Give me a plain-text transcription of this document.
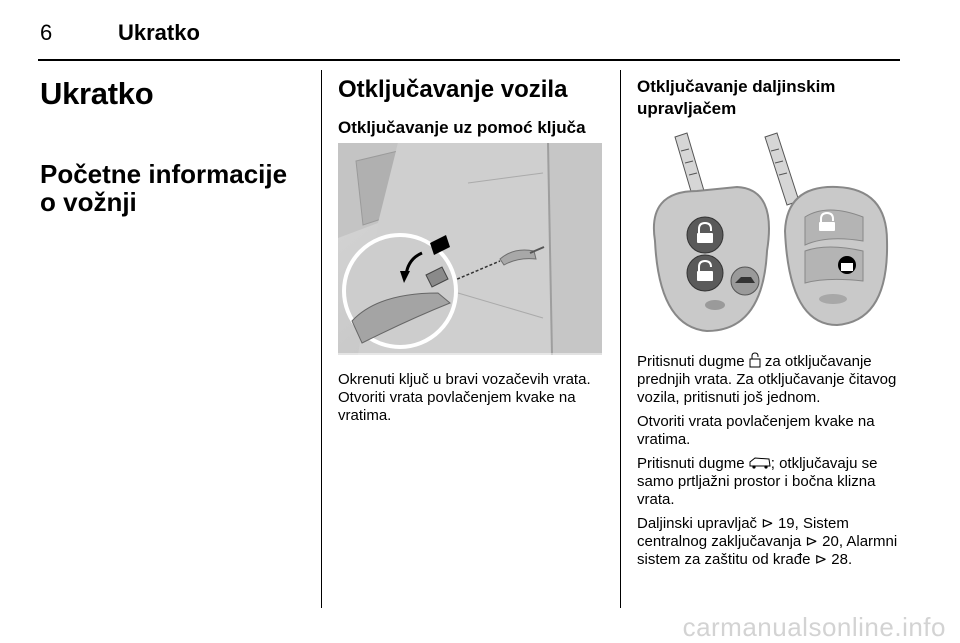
6	Ukratko
Ukratko
Početne informacije o vožnji
Otključavanje vozila
Otključavanje uz pomoć ključa

Okrenuti ključ u bravi vozačevih vrata. Otvoriti vrata povlačenjem kvake na vratima.

Otključavanje daljinskim upravljačem

Pritisnuti dugme za otključavanje prednjih vrata. Za otključavanje čitavog vozila, pritisnuti još jednom.

Otvoriti vrata povlačenjem kvake na vratima.

Pritisnuti dugme ; otključavaju se samo prtljažni prostor i bočna klizna vrata.

Daljinski upravljač ⊳ 19, Sistem centralnog zaključavanja ⊳ 20, Alarmni sistem za zaštitu od krađe ⊳ 28.

carmanualsonline.info
